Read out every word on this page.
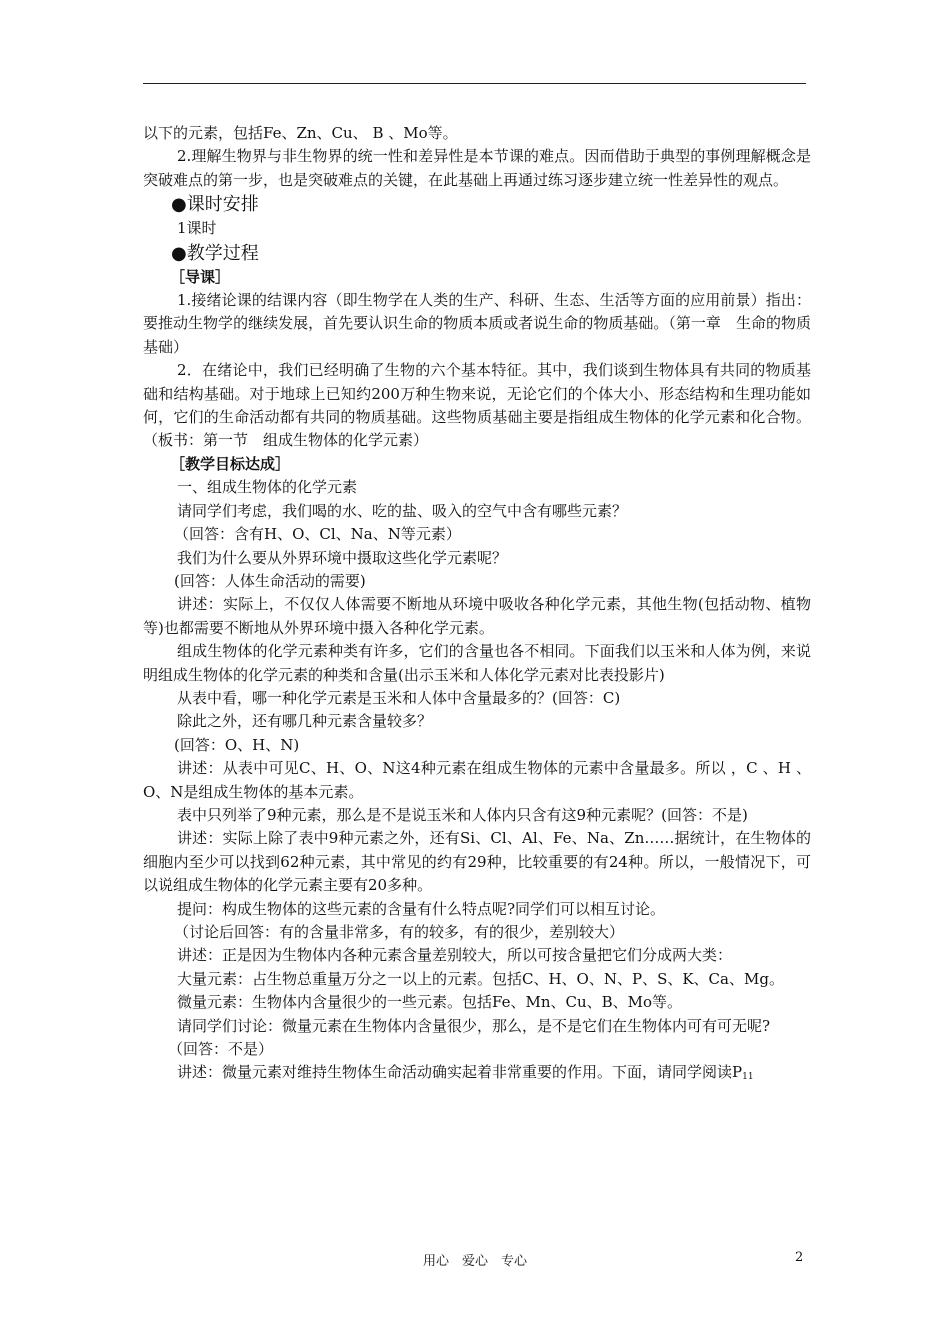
以下的元素，包括Fe、Zn、Cu、 B 、Mo等。

2.理解生物界与非生物界的统一性和差异性是本节课的难点。因而借助于典型的事例理解概念是突破难点的第一步，也是突破难点的关键，在此基础上再通过练习逐步建立统一性差异性的观点。

●课时安排

1课时

●教学过程

［导课］

1.接绪论课的结课内容（即生物学在人类的生产、科研、生态、生活等方面的应用前景）指出：要推动生物学的继续发展，首先要认识生命的物质本质或者说生命的物质基础。（第一章　生命的物质基础）

2．在绪论中，我们已经明确了生物的六个基本特征。其中，我们谈到生物体具有共同的物质基础和结构基础。对于地球上已知约200万种生物来说，无论它们的个体大小、形态结构和生理功能如何，它们的生命活动都有共同的物质基础。这些物质基础主要是指组成生物体的化学元素和化合物。（板书：第一节　组成生物体的化学元素）

［教学目标达成］

一、组成生物体的化学元素

请同学们考虑，我们喝的水、吃的盐、吸入的空气中含有哪些元素？

（回答：含有H、O、Cl、Na、N等元素）

我们为什么要从外界环境中摄取这些化学元素呢？

(回答：人体生命活动的需要)

讲述：实际上，不仅仅人体需要不断地从环境中吸收各种化学元素，其他生物(包括动物、植物等)也都需要不断地从外界环境中摄入各种化学元素。

组成生物体的化学元素种类有许多，它们的含量也各不相同。下面我们以玉米和人体为例，来说明组成生物体的化学元素的种类和含量(出示玉米和人体化学元素对比表投影片)

从表中看，哪一种化学元素是玉米和人体中含量最多的？(回答：C)

除此之外，还有哪几种元素含量较多？

(回答：O、H、N)

讲述：从表中可见C、H、O、N这4种元素在组成生物体的元素中含量最多。所以 ，C 、H 、O、N是组成生物体的基本元素。

表中只列举了9种元素，那么是不是说玉米和人体内只含有这9种元素呢？(回答：不是)

讲述：实际上除了表中9种元素之外，还有Si、Cl、Al、Fe、Na、Zn……据统计，在生物体的细胞内至少可以找到62种元素，其中常见的约有29种，比较重要的有24种。所以，一般情况下，可以说组成生物体的化学元素主要有20多种。

提问：构成生物体的这些元素的含量有什么特点呢?同学们可以相互讨论。

（讨论后回答：有的含量非常多，有的较多，有的很少，差别较大）

讲述：正是因为生物体内各种元素含量差别较大，所以可按含量把它们分成两大类：

大量元素：占生物总重量万分之一以上的元素。包括C、H、O、N、P、S、K、Ca、Mg。

微量元素：生物体内含量很少的一些元素。包括Fe、Mn、Cu、B、Mo等。

请同学们讨论：微量元素在生物体内含量很少，那么，是不是它们在生物体内可有可无呢?

（回答：不是）

讲述：微量元素对维持生物体生命活动确实起着非常重要的作用。下面，请同学阅读$P_{11}$

用心　爱心　专心	2
